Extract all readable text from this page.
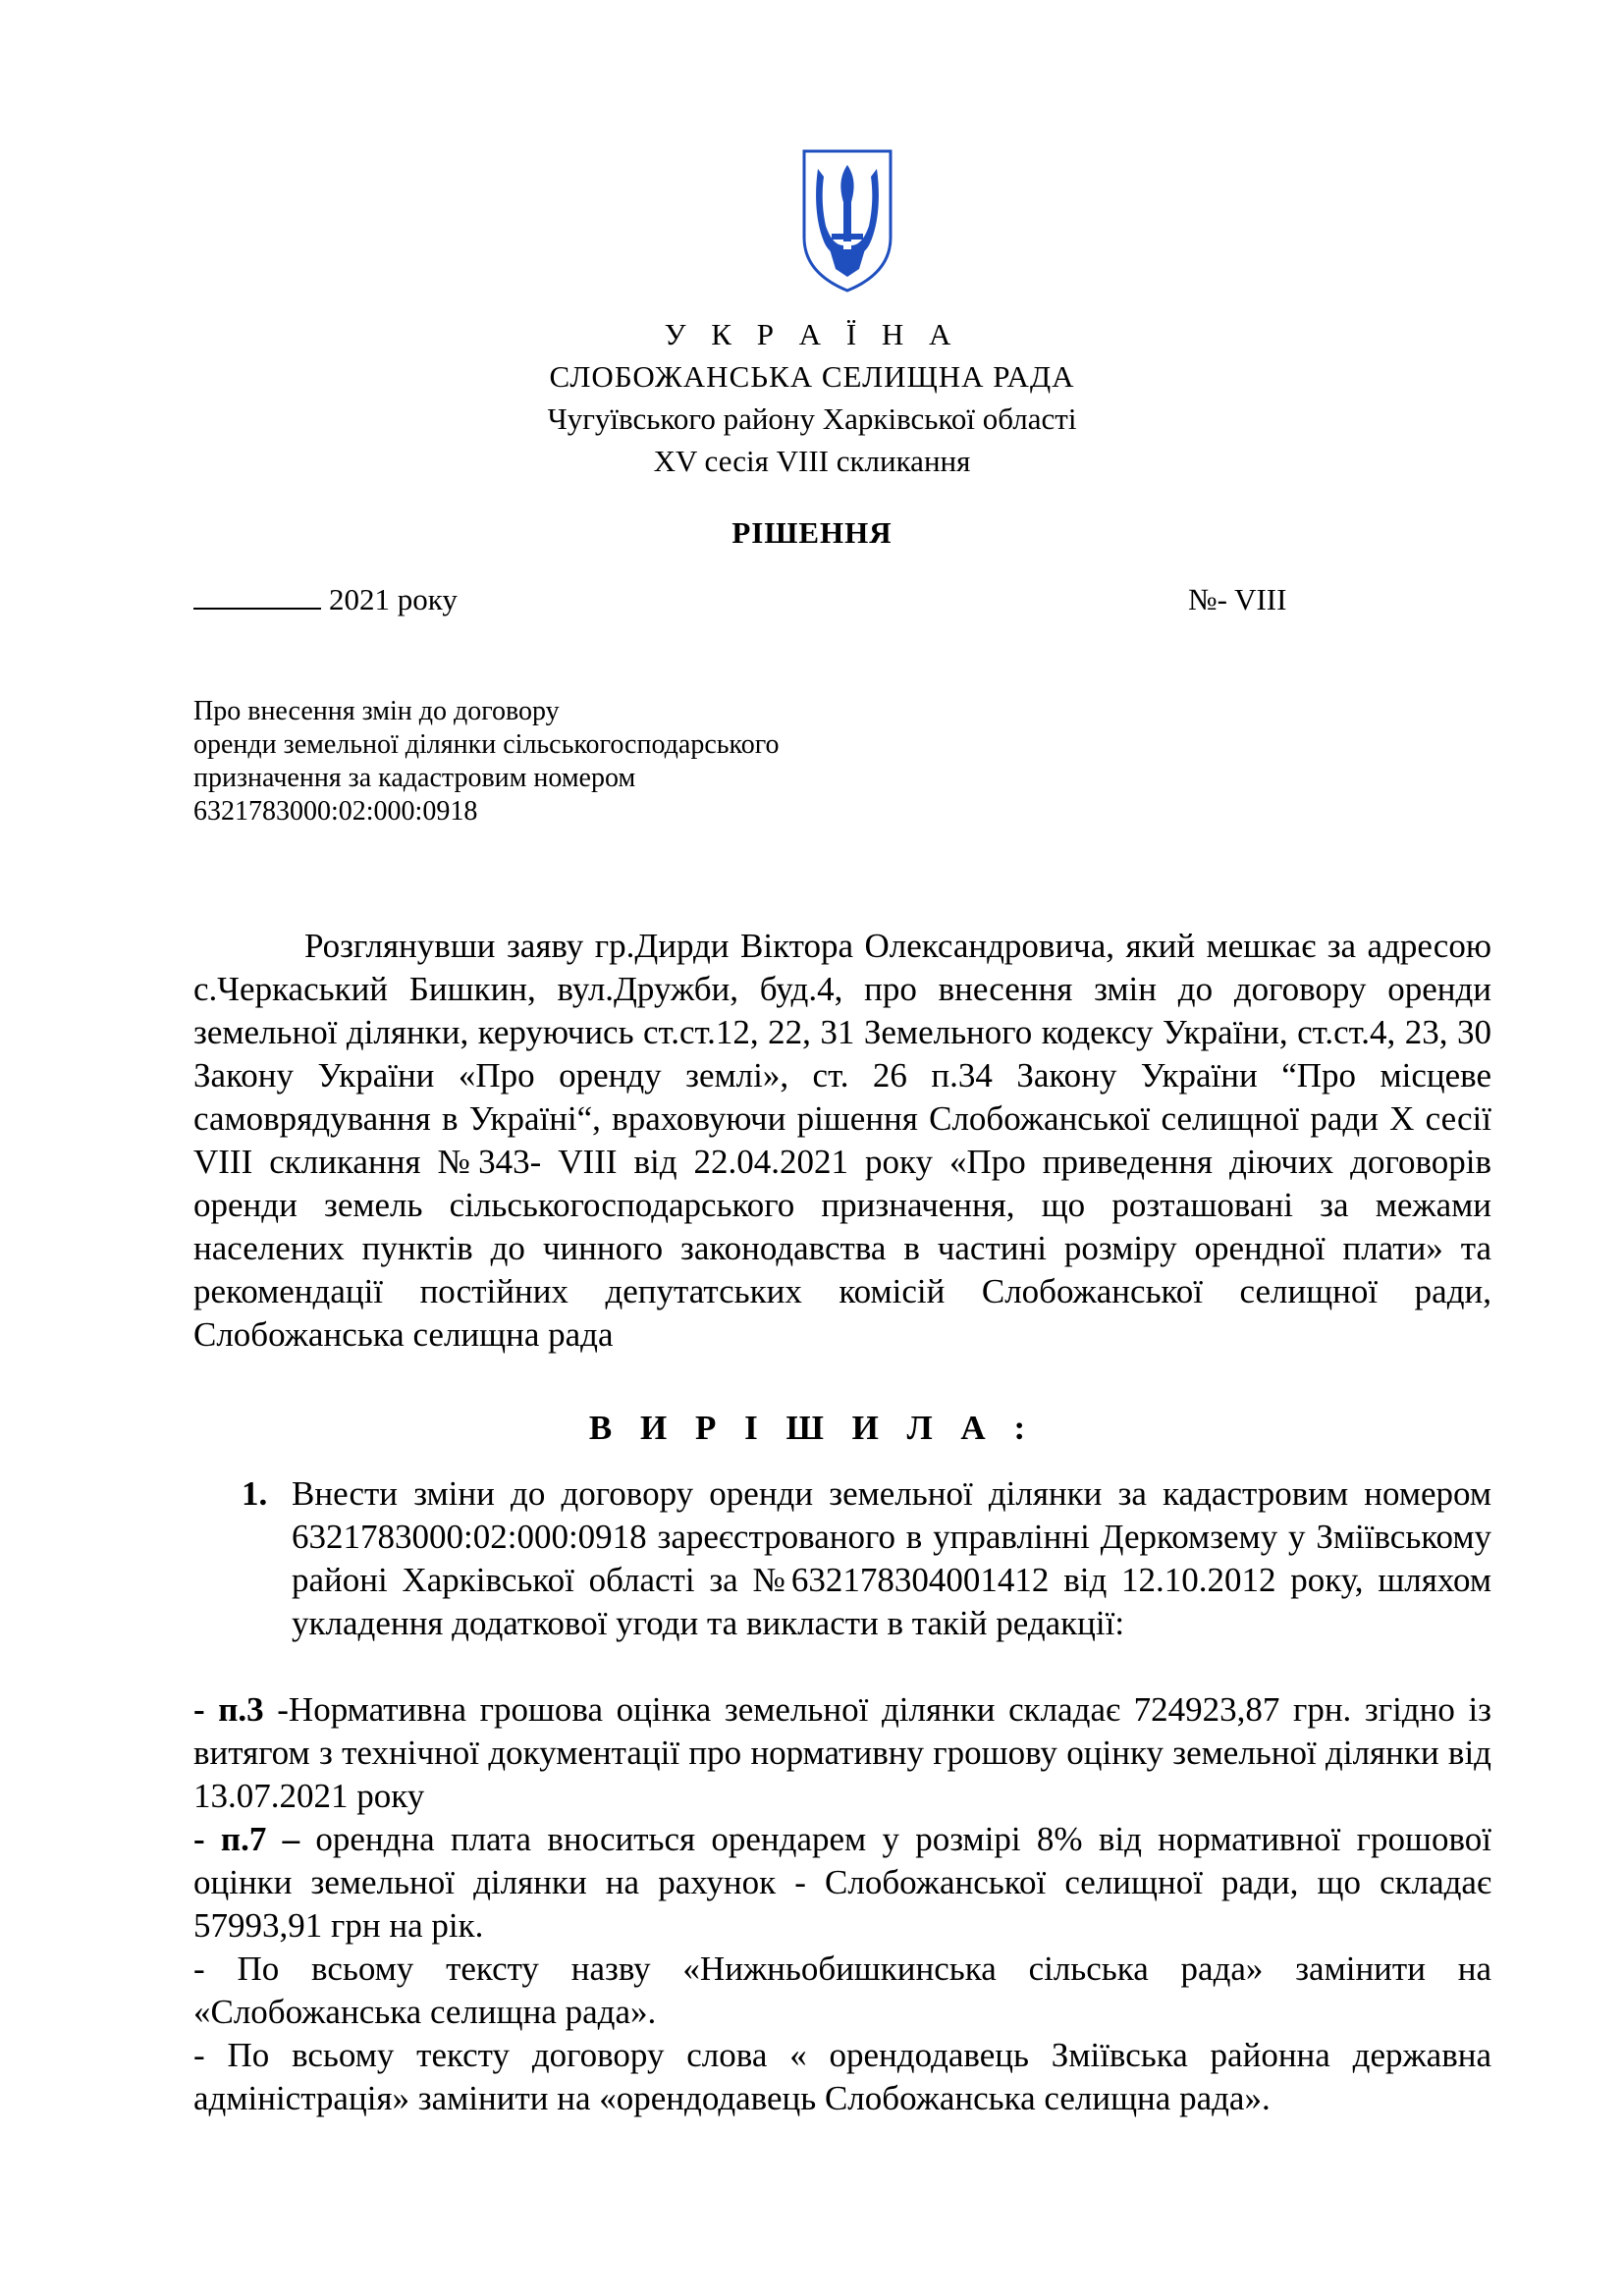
У К Р А Ї Н А
СЛОБОЖАНСЬКА СЕЛИЩНА РАДА
Чугуївського району Харківської області
XV сесія VIII скликання
РІШЕННЯ
2021 року	№- VIII
Про внесення змін до договору
оренди земельної ділянки сільськогосподарського
призначення за кадастровим номером
6321783000:02:000:0918
Розглянувши заяву гр.Дирди Віктора Олександровича, який мешкає за адресою с.Черкаський Бишкин, вул.Дружби, буд.4, про внесення змін до договору оренди земельної ділянки, керуючись ст.ст.12, 22, 31 Земельного кодексу України, ст.ст.4, 23, 30 Закону України «Про оренду землі», ст. 26 п.34 Закону України “Про місцеве самоврядування в Україні“, враховуючи рішення Слобожанської селищної ради X сесії VIII скликання №343- VIII від 22.04.2021 року «Про приведення діючих договорів оренди земель сільськогосподарського призначення, що розташовані за межами населених пунктів до чинного законодавства в частині розміру орендної плати» та рекомендації постійних депутатських комісій Слобожанської селищної ради, Слобожанська селищна рада
В И Р І Ш И Л А :
1. Внести зміни до договору оренди земельної ділянки за кадастровим номером 6321783000:02:000:0918 зареєстрованого в управлінні Деркомзему у Зміївському районі Харківської області за №632178304001412 від 12.10.2012 року, шляхом укладення додаткової угоди та викласти в такій редакції:
- п.3 -Нормативна грошова оцінка земельної ділянки складає 724923,87 грн. згідно із витягом з технічної документації про нормативну грошову оцінку земельної ділянки від 13.07.2021 року
- п.7 – орендна плата вноситься орендарем у розмірі 8% від нормативної грошової оцінки земельної ділянки на рахунок - Слобожанської селищної ради, що складає 57993,91 грн на рік.
- По всьому тексту назву «Нижньобишкинська сільська рада» замінити на «Слобожанська селищна рада».
- По всьому тексту договору слова « орендодавець Зміївська районна державна адміністрація» замінити на «орендодавець Слобожанська селищна рада».
